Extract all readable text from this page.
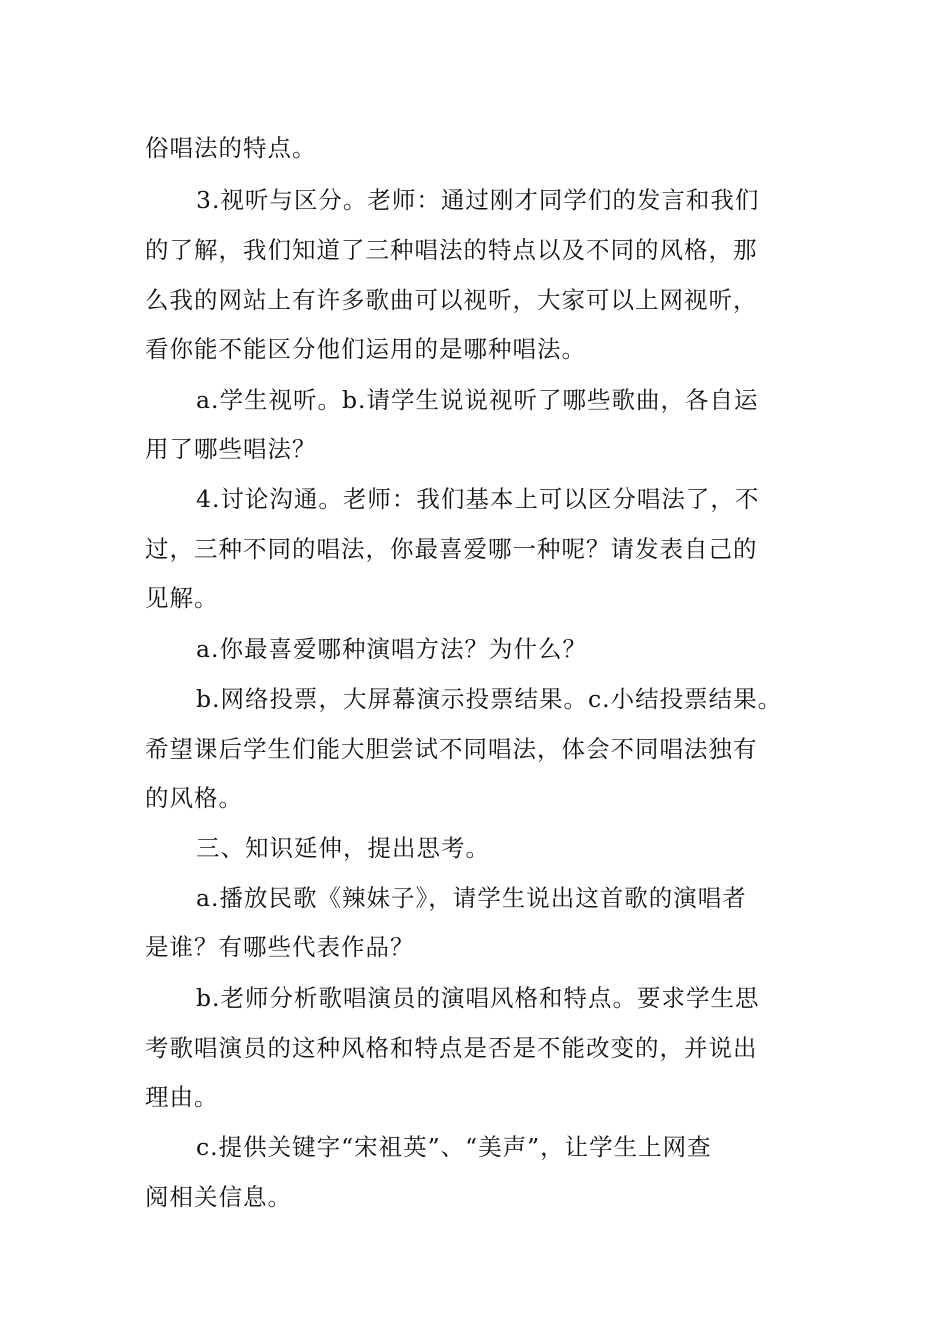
俗唱法的特点。
3.视听与区分。老师：通过刚才同学们的发言和我们
的了解，我们知道了三种唱法的特点以及不同的风格，那
么我的网站上有许多歌曲可以视听，大家可以上网视听，
看你能不能区分他们运用的是哪种唱法。
a.学生视听。b.请学生说说视听了哪些歌曲，各自运
用了哪些唱法？
4.讨论沟通。老师：我们基本上可以区分唱法了，不
过，三种不同的唱法，你最喜爱哪一种呢？请发表自己的
见解。
a.你最喜爱哪种演唱方法？为什么？
b.网络投票，大屏幕演示投票结果。c.小结投票结果。
希望课后学生们能大胆尝试不同唱法，体会不同唱法独有
的风格。
三、知识延伸，提出思考。
a.播放民歌《辣妹子》，请学生说出这首歌的演唱者
是谁？有哪些代表作品？
b.老师分析歌唱演员的演唱风格和特点。要求学生思
考歌唱演员的这种风格和特点是否是不能改变的，并说出
理由。
c.提供关键字“宋祖英”、“美声”，让学生上网查
阅相关信息。
